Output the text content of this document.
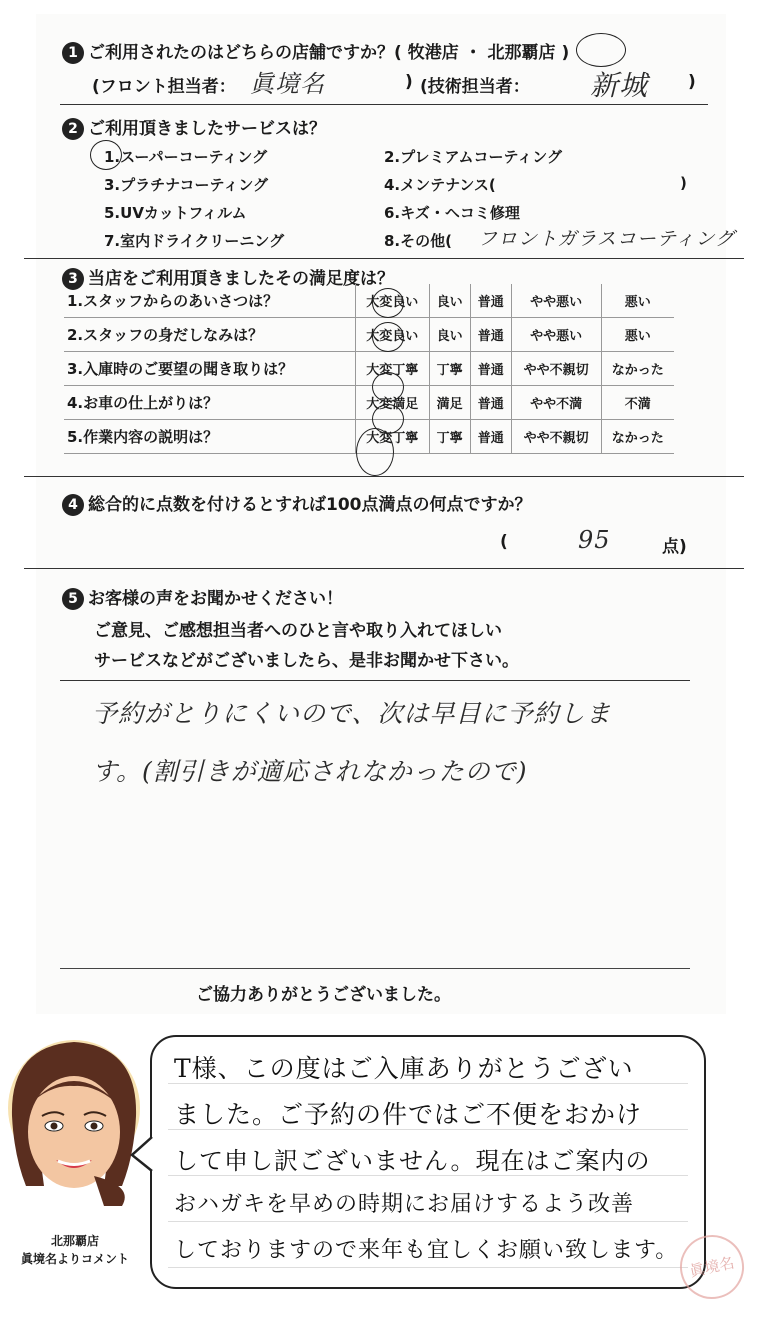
1 ご利用されたのはどちらの店舗ですか？( 牧港店 ・ 北那覇店 )
(フロント担当者： 眞境名	) (技術担当者： 新城 )
2 ご利用頂きましたサービスは？
1.スーパーコーティング	2.プレミアムコーティング
3.プラチナコーティング	4.メンテナンス(	)
5.UVカットフィルム	6.キズ・ヘコミ修理
7.室内ドライクリーニング	8.その他( フロントガラスコーティング
3 当店をご利用頂きましたその満足度は？
1.スタッフからのあいさつは？	大変良い	良い	普通	やや悪い	悪い
2.スタッフの身だしなみは？	大変良い	良い	普通	やや悪い	悪い
3.入庫時のご要望の聞き取りは？	大変丁寧	丁寧	普通	やや不親切	なかった
4.お車の仕上がりは？	大変満足	満足	普通	やや不満	不満
5.作業内容の説明は？	大変丁寧	丁寧	普通	やや不親切	なかった
4 総合的に点数を付けるとすれば100点満点の何点ですか？
(	95	点)
5 お客様の声をお聞かせください！
ご意見、ご感想担当者へのひと言や取り入れてほしい
サービスなどがございましたら、是非お聞かせ下さい。
予約がとりにくいので、次は早目に予約しま
す。(割引きが適応されなかったので)
ご協力ありがとうございました。
北那覇店
眞境名よりコメント
T様、この度はご入庫ありがとうござい
ました。ご予約の件ではご不便をおかけ
して申し訳ございません。現在はご案内の
おハガキを早めの時期にお届けするよう改善
しておりますので来年も宜しくお願い致します。
眞境名
